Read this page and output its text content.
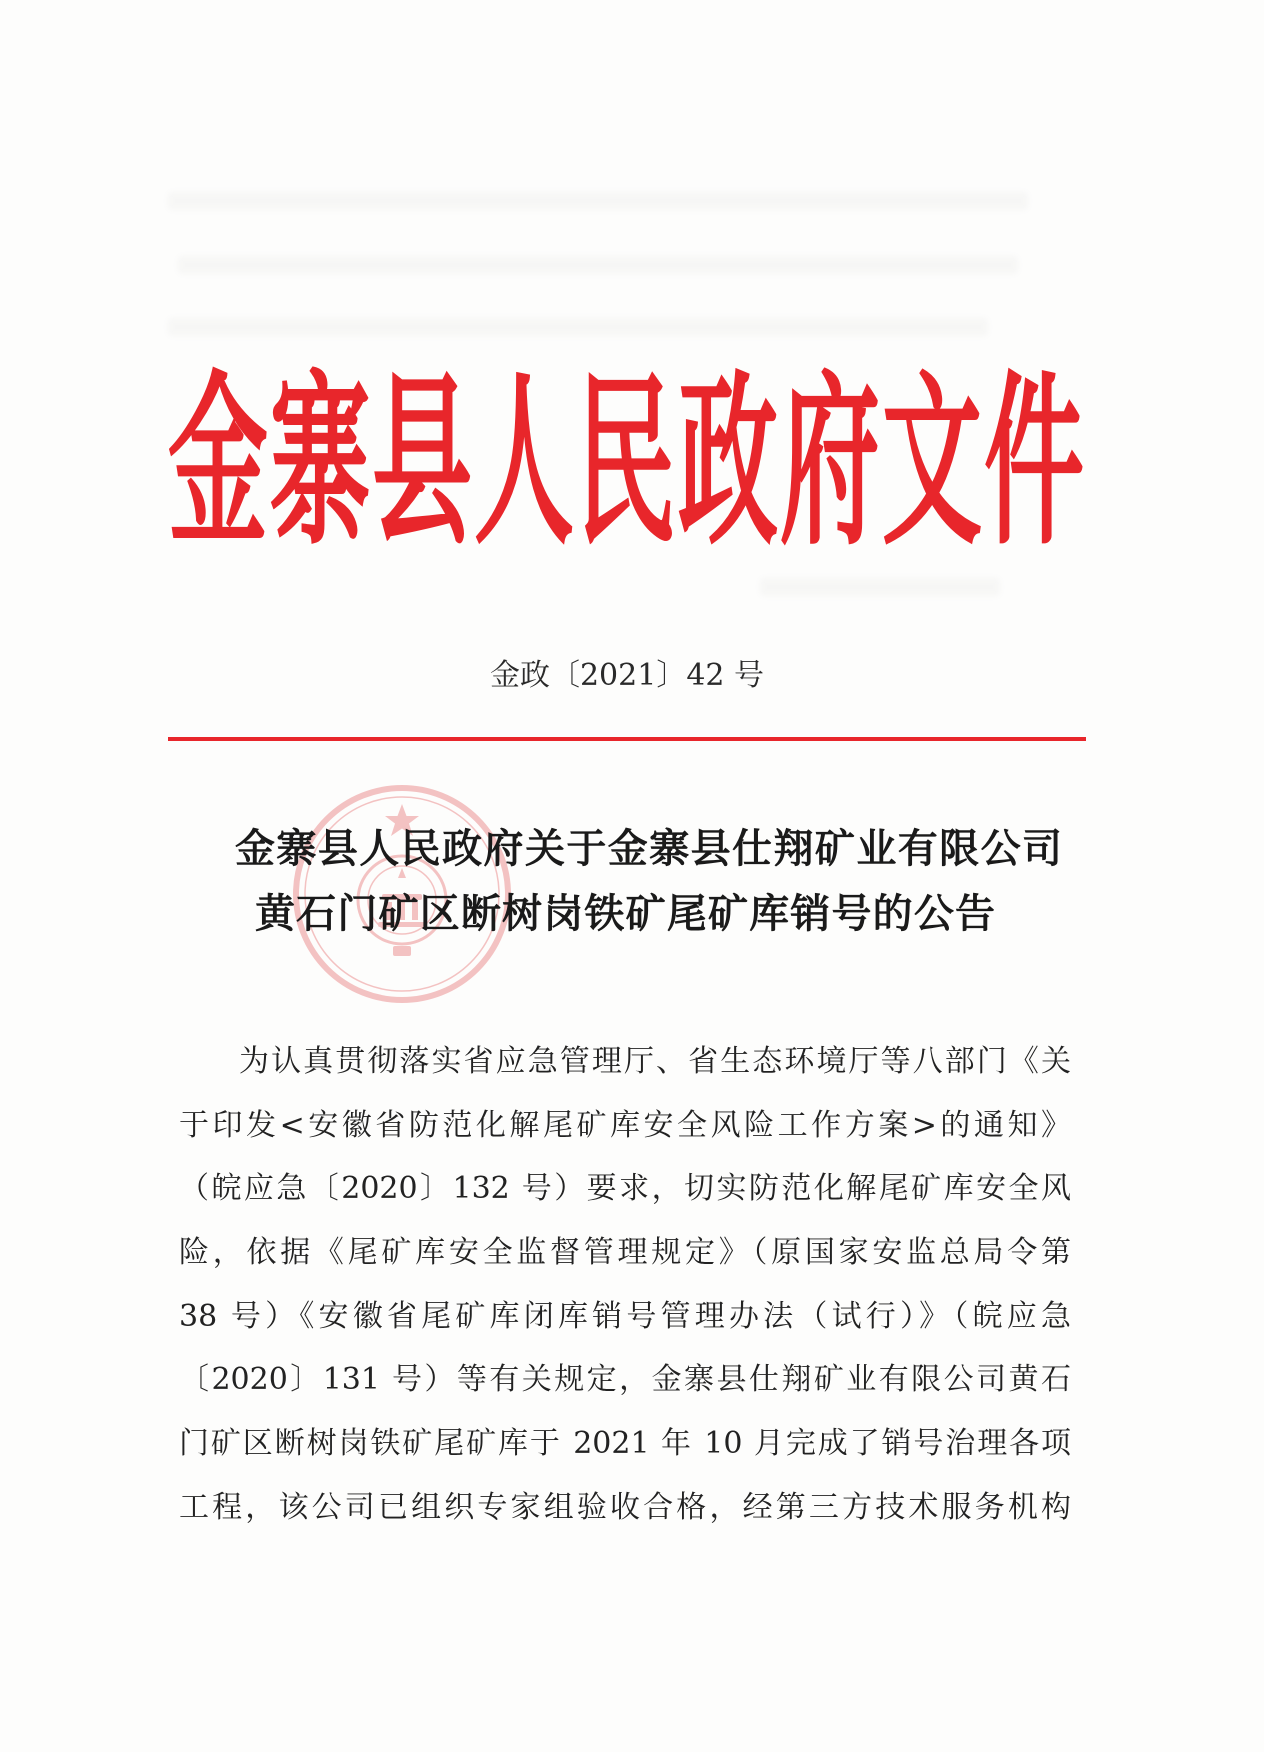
金寨县人民政府文件
金政〔2021〕42 号
金寨县人民政府关于金寨县仕翔矿业有限公司
黄石门矿区断树岗铁矿尾矿库销号的公告
为认真贯彻落实省应急管理厅、省生态环境厅等八部门《关
于印发<安徽省防范化解尾矿库安全风险工作方案>的通知》
（皖应急〔2020〕132 号）要求，切实防范化解尾矿库安全风
险，依据《尾矿库安全监督管理规定》（原国家安监总局令第
38 号）《安徽省尾矿库闭库销号管理办法（试行）》（皖应急
〔2020〕131 号）等有关规定，金寨县仕翔矿业有限公司黄石
门矿区断树岗铁矿尾矿库于 2021 年 10 月完成了销号治理各项
工程，该公司已组织专家组验收合格，经第三方技术服务机构
